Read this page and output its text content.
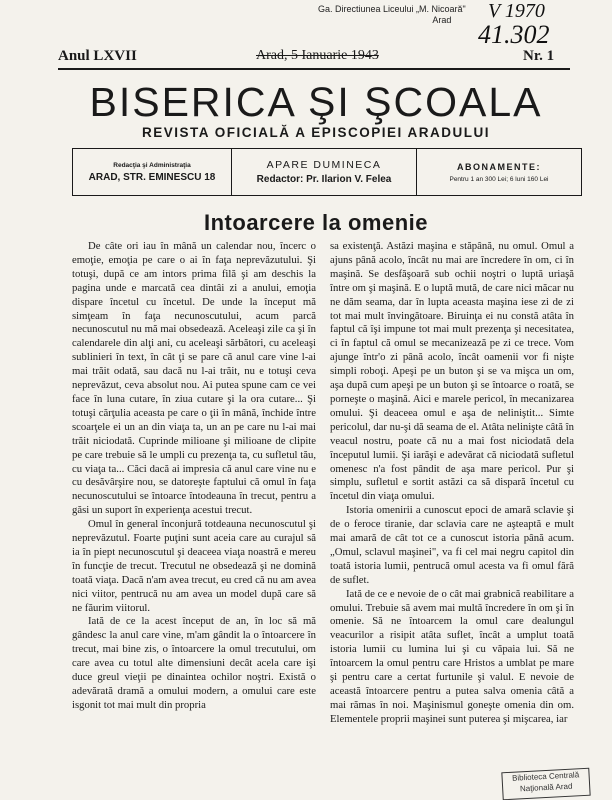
Ga. Directiunea Liceului „M. Nicoară"
Arad	V 1970
41.302
Anul LXVII	Arad, 5 Ianuarie 1943	Nr. 1
BISERICA ŞI ŞCOALA
REVISTA OFICIALĂ A EPISCOPIEI ARADULUI
Redacţia şi Administraţia
ARAD, STR. EMINESCU 18
APARE DUMINECA
Redactor: Pr. Ilarion V. Felea
ABONAMENTE:
Pentru 1 an 300 Lei; 6 luni 160 Lei
Intoarcere la omenie

De câte ori iau în mână un calendar nou, încerc o emoţie, emoţia pe care o ai în faţa neprevăzutului. Şi totuşi, după ce am intors prima filă şi am deschis la pagina unde e marcată cea dintâi zi a anului, emoţia dispare încetul cu încetul. De unde la început mă simţeam în faţa necunoscutului, acum parcă necunoscutul nu mă mai obsedează. Aceleaşi zile ca şi în calendarele din alţi ani, cu aceleaşi sărbători, cu aceleaşi sublinieri în text, în cât ţi se pare că anul care vine l-ai mai trăit odată, sau dacă nu l-ai trăit, nu e totuşi ceva neprevăzut, ceva absolut nou. Ai putea spune cam ce vei face în luna cutare, în ziua cutare şi la ora cutare... Şi totuşi cărţulia aceasta pe care o ţii în mână, închide între scoarţele ei un an din viaţa ta, un an pe care nu l-ai mai trăit niciodată. Cuprinde milioane şi milioane de clipite pe care trebuie să le umpli cu prezenţa ta, cu sufletul tău, cu viaţa ta... Căci dacă ai impresia că anul care vine nu e cu desăvârşire nou, se datoreşte faptului că omul în faţa necunoscutului se întoarce întodeauna în trecut, pentru a găsi un suport în experienţa acestui trecut.

Omul în general înconjură totdeauna necunoscutul şi neprevăzutul. Foarte puţini sunt aceia care au curajul să ia în piept necunoscutul şi deaceea viaţa noastră e mereu în funcţie de trecut. Trecutul ne obsedează şi ne domină toată viaţa. Dacă n'am avea trecut, eu cred că nu am avea nici viitor, pentrucă nu am avea un model după care să ne făurim viitorul.

Iată de ce la acest început de an, în loc să mă gândesc la anul care vine, m'am gândit la o întoarcere în trecut, mai bine zis, o întoarcere la omul trecutului, om care avea cu totul alte dimensiuni decât acela care işi duce greul vieţii pe dinaintea ochilor noştri. Există o adevărată dramă a omului modern, a omului care este isgonit tot mai mult din propria

sa existenţă. Astăzi maşina e stăpână, nu omul. Omul a ajuns până acolo, încât nu mai are încredere în om, ci în maşină. Se desfăşoară sub ochii noştri o luptă uriaşă între om şi maşină. E o luptă mută, de care nici măcar nu ne dăm seama, dar în lupta aceasta maşina iese zi de zi tot mai mult învingătoare. Biruinţa ei nu constă atâta în faptul că îşi impune tot mai mult prezenţa şi necesitatea, ci în faptul că omul se mecanizează pe zi ce trece. Vom ajunge într'o zi până acolo, încât oamenii vor fi nişte simpli roboţi. Apeşi pe un buton şi se va mişca un om, aşa după cum apeşi pe un buton şi se întoarce o roată, se porneşte o maşină. Aici e marele pericol, în mecanizarea omului. Şi deaceea omul e aşa de neliniştit... Simte pericolul, dar nu-şi dă seama de el. Atâta nelinişte câtă în veacul nostru, poate că nu a mai fost niciodată dela începutul lumii. Şi iarăşi e adevărat că niciodată sufletul omenesc n'a fost pândit de aşa mare pericol. Pur şi simplu, sufletul e sortit astăzi ca să dispară încetul cu încetul din viaţa omului.

Istoria omenirii a cunoscut epoci de amară sclavie şi de o feroce tiranie, dar sclavia care ne aşteaptă e mult mai amară de cât tot ce a cunoscut istoria până acum. „Omul, sclavul maşinei", va fi cel mai negru capitol din toată istoria lumii, pentrucă omul acesta va fi omul fără de suflet.

Iată de ce e nevoie de o cât mai grabnică reabilitare a omului. Trebuie să avem mai multă încredere în om şi în omenie. Să ne întoarcem la omul care dealungul veacurilor a risipit atâta suflet, încât a umplut toată istoria lumii cu lumina lui şi cu văpaia lui. Să ne întoarcem la omul pentru care Hristos a umblat pe mare şi pentru care a certat furtunile şi valul. E nevoie de această întoarcere pentru a putea salva omenia câtă a mai rămas în noi. Maşinismul goneşte omenia din om. Elementele proprii maşinei sunt puterea şi mişcarea, iar

Biblioteca Centrală
Naţională Arad
